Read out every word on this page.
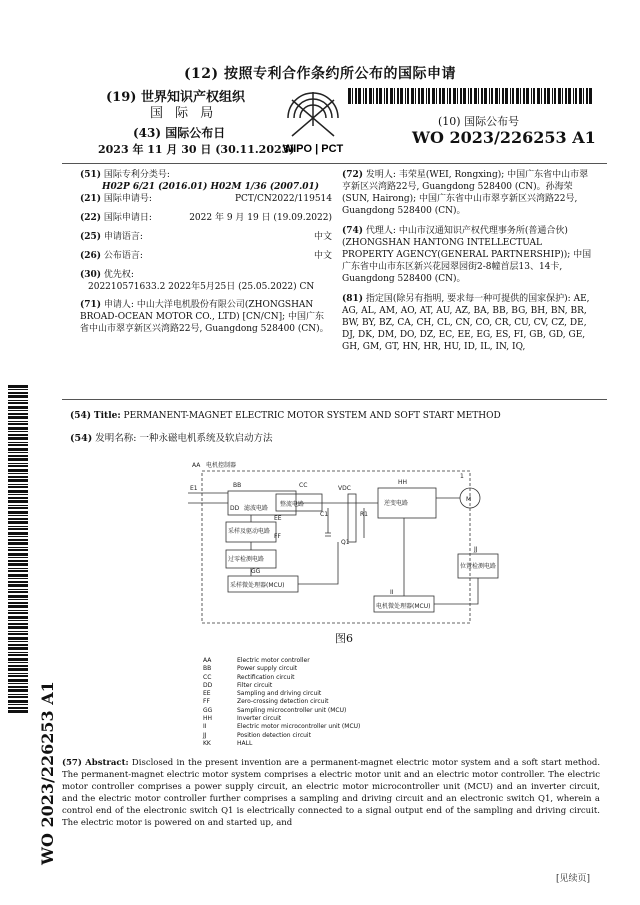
(12) 按照专利合作条约所公布的国际申请
(19) 世界知识产权组织
国 际 局
(43) 国际公布日
2023 年 11 月 30 日 (30.11.2023)
WIPO | PCT
(10) 国际公布号
WO 2023/226253 A1
(51) 国际专利分类号:
H02P 6/21 (2016.01) H02M 1/36 (2007.01)
(21) 国际申请号:	PCT/CN2022/119514
(22) 国际申请日:	2022 年 9 月 19 日 (19.09.2022)
(25) 申请语言:	中文
(26) 公布语言:	中文
(30) 优先权:
202210571633.2 2022年5月25日 (25.05.2022) CN
(71) 申请人: 中山大洋电机股份有限公司(ZHONGSHAN BROAD-OCEAN MOTOR CO., LTD) [CN/CN]; 中国广东省中山市翠亨新区兴湾路22号, Guangdong 528400 (CN)。
(72) 发明人: 韦荣星(WEI, Rongxing); 中国广东省中山市翠亨新区兴湾路22号, Guangdong 528400 (CN)。孙海荣(SUN, Hairong); 中国广东省中山市翠亨新区兴湾路22号, Guangdong 528400 (CN)。
(74) 代理人: 中山市汉通知识产权代理事务所(普通合伙)(ZHONGSHAN HANTONG INTELLECTUAL PROPERTY AGENCY(GENERAL PARTNERSHIP)); 中国广东省中山市东区新兴花园翠园街2-8幢首层13、14卡, Guangdong 528400 (CN)。
(81) 指定国(除另有指明, 要求每一种可提供的国家保护): AE, AG, AL, AM, AO, AT, AU, AZ, BA, BB, BG, BH, BN, BR, BW, BY, BZ, CA, CH, CL, CN, CO, CR, CU, CV, CZ, DE, DJ, DK, DM, DO, DZ, EC, EE, EG, ES, FI, GB, GD, GE, GH, GM, GT, HN, HR, HU, ID, IL, IN, IQ,
(54) Title: PERMANENT-MAGNET ELECTRIC MOTOR SYSTEM AND SOFT START METHOD
(54) 发明名称: 一种永磁电机系统及软启动方法
WO 2023/226253 A1
AA 电机控制器
BB
DD 滤波电路
CC
整流电路
EE
采样及驱动电路
FF
过零检测电路
GG
采样微处理器(MCU)
HH
逆变电路
II
电机微处理器(MCU)
JJ
位置检测电路
M
1
E1
C1	R1
Q1
VDC
图6
AA	Electric motor controller
BB	Power supply circuit
CC	Rectification circuit
DD	Filter circuit
EE	Sampling and driving circuit
FF	Zero-crossing detection circuit
GG	Sampling microcontroller unit (MCU)
HH	Inverter circuit
II	Electric motor microcontroller unit (MCU)
JJ	Position detection circuit
KK	HALL
(57) Abstract: Disclosed in the present invention are a permanent-magnet electric motor system and a soft start method. The permanent-magnet electric motor system comprises a electric motor unit and an electric motor controller. The electric motor controller comprises a power supply circuit, an electric motor microcontroller unit (MCU) and an inverter circuit, and the electric motor controller further comprises a sampling and driving circuit and an electronic switch Q1, wherein a control end of the electronic switch Q1 is electrically connected to a signal output end of the sampling and driving circuit. The electric motor is powered on and started up, and
[见续页]
